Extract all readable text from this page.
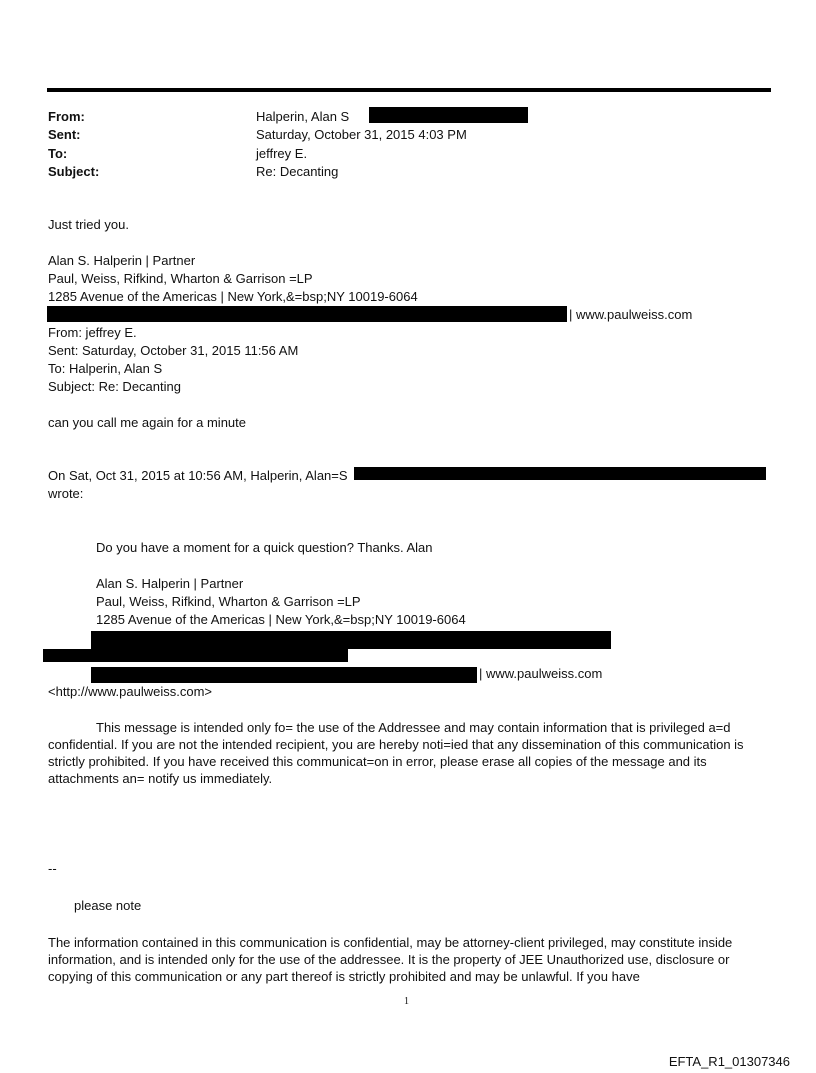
From:	Halperin, Alan S
Sent:	Saturday, October 31, 2015 4:03 PM
To:	jeffrey E.
Subject:	Re: Decanting
Just tried you.
Alan S. Halperin | Partner
Paul, Weiss, Rifkind, Wharton & Garrison =LP
1285 Avenue of the Americas | New York,&=bsp;NY 10019-6064
| www.paulweiss.com
From: jeffrey E.
Sent: Saturday, October 31, 2015 11:56 AM
To: Halperin, Alan S
Subject: Re: Decanting
can you call me again for a minute
On Sat, Oct 31, 2015 at 10:56 AM, Halperin, Alan=S
wrote:
Do you have a moment for a quick question? Thanks. Alan
Alan S. Halperin | Partner
Paul, Weiss, Rifkind, Wharton & Garrison =LP
1285 Avenue of the Americas | New York,&=bsp;NY 10019-6064
| www.paulweiss.com
<http://www.paulweiss.com>
This message is intended only fo= the use of the Addressee and may contain information that is privileged a=d confidential. If you are not the intended recipient, you are hereby noti=ied that any dissemination of this communication is strictly prohibited. If you have received this communicat=on in error, please erase all copies of the message and its attachments an= notify us immediately.
--
please note
The information contained in this communication is confidential, may be attorney-client privileged, may constitute inside information, and is intended only for the use of the addressee. It is the property of JEE Unauthorized use, disclosure or copying of this communication or any part thereof is strictly prohibited and may be unlawful. If you have
1
EFTA_R1_01307346
